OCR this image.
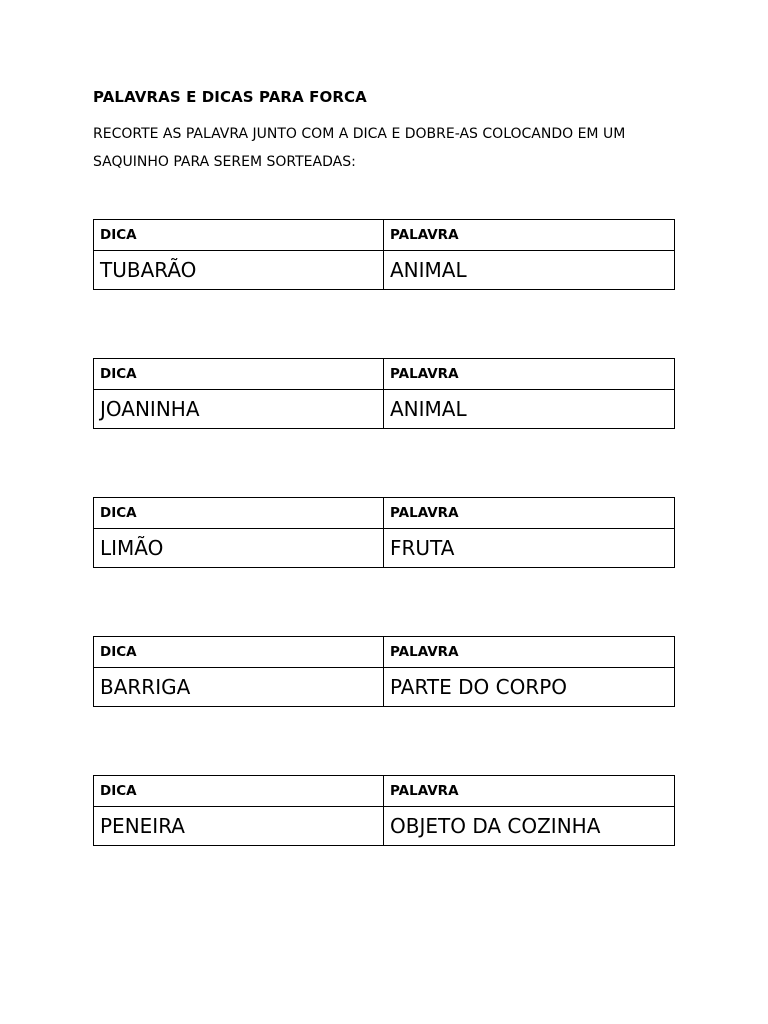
PALAVRAS E DICAS PARA FORCA
RECORTE AS PALAVRA JUNTO COM A DICA E DOBRE-AS COLOCANDO EM UM SAQUINHO PARA SEREM SORTEADAS:
DICA	PALAVRA
TUBARÃO	ANIMAL
DICA	PALAVRA
JOANINHA	ANIMAL
DICA	PALAVRA
LIMÃO	FRUTA
DICA	PALAVRA
BARRIGA	PARTE DO CORPO
DICA	PALAVRA
PENEIRA	OBJETO DA COZINHA
